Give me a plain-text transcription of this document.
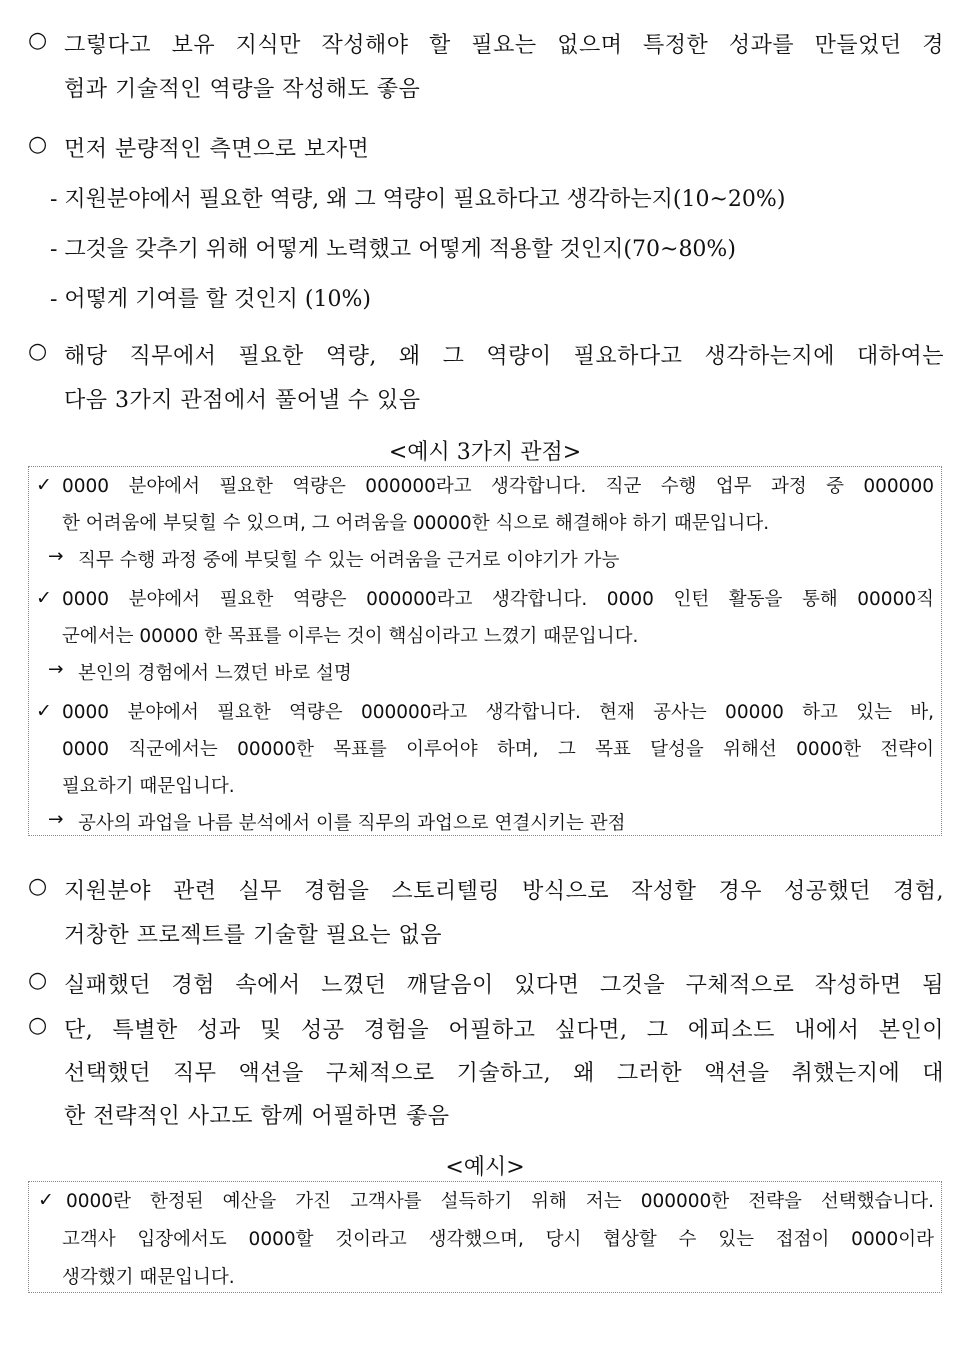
○ 그렇다고 보유 지식만 작성해야 할 필요는 없으며 특정한 성과를 만들었던 경
험과 기술적인 역량을 작성해도 좋음
○ 먼저 분량적인 측면으로 보자면
- 지원분야에서 필요한 역량, 왜 그 역량이 필요하다고 생각하는지(10~20%)
- 그것을 갖추기 위해 어떻게 노력했고 어떻게 적용할 것인지(70~80%)
- 어떻게 기여를 할 것인지 (10%)
○ 해당 직무에서 필요한 역량, 왜 그 역량이 필요하다고 생각하는지에 대하여는
다음 3가지 관점에서 풀어낼 수 있음
<예시 3가지 관점>
✓ 0000 분야에서 필요한 역량은 000000라고 생각합니다. 직군 수행 업무 과정 중 000000
한 어려움에 부딪힐 수 있으며, 그 어려움을 00000한 식으로 해결해야 하기 때문입니다.
→ 직무 수행 과정 중에 부딪힐 수 있는 어려움을 근거로 이야기가 가능
✓ 0000 분야에서 필요한 역량은 000000라고 생각합니다. 0000 인턴 활동을 통해 00000직
군에서는 00000 한 목표를 이루는 것이 핵심이라고 느꼈기 때문입니다.
→ 본인의 경험에서 느꼈던 바로 설명
✓ 0000 분야에서 필요한 역량은 000000라고 생각합니다. 현재 공사는 00000 하고 있는 바,
0000 직군에서는 00000한 목표를 이루어야 하며, 그 목표 달성을 위해선 0000한 전략이
필요하기 때문입니다.
→ 공사의 과업을 나름 분석에서 이를 직무의 과업으로 연결시키는 관점
○ 지원분야 관련 실무 경험을 스토리텔링 방식으로 작성할 경우 성공했던 경험,
거창한 프로젝트를 기술할 필요는 없음
○ 실패했던 경험 속에서 느꼈던 깨달음이 있다면 그것을 구체적으로 작성하면 됨
○ 단, 특별한 성과 및 성공 경험을 어필하고 싶다면, 그 에피소드 내에서 본인이
선택했던 직무 액션을 구체적으로 기술하고, 왜 그러한 액션을 취했는지에 대
한 전략적인 사고도 함께 어필하면 좋음
<예시>
✓ 0000란 한정된 예산을 가진 고객사를 설득하기 위해 저는 000000한 전략을 선택했습니다.
고객사 입장에서도 0000할 것이라고 생각했으며, 당시 협상할 수 있는 접점이 0000이라
생각했기 때문입니다.
